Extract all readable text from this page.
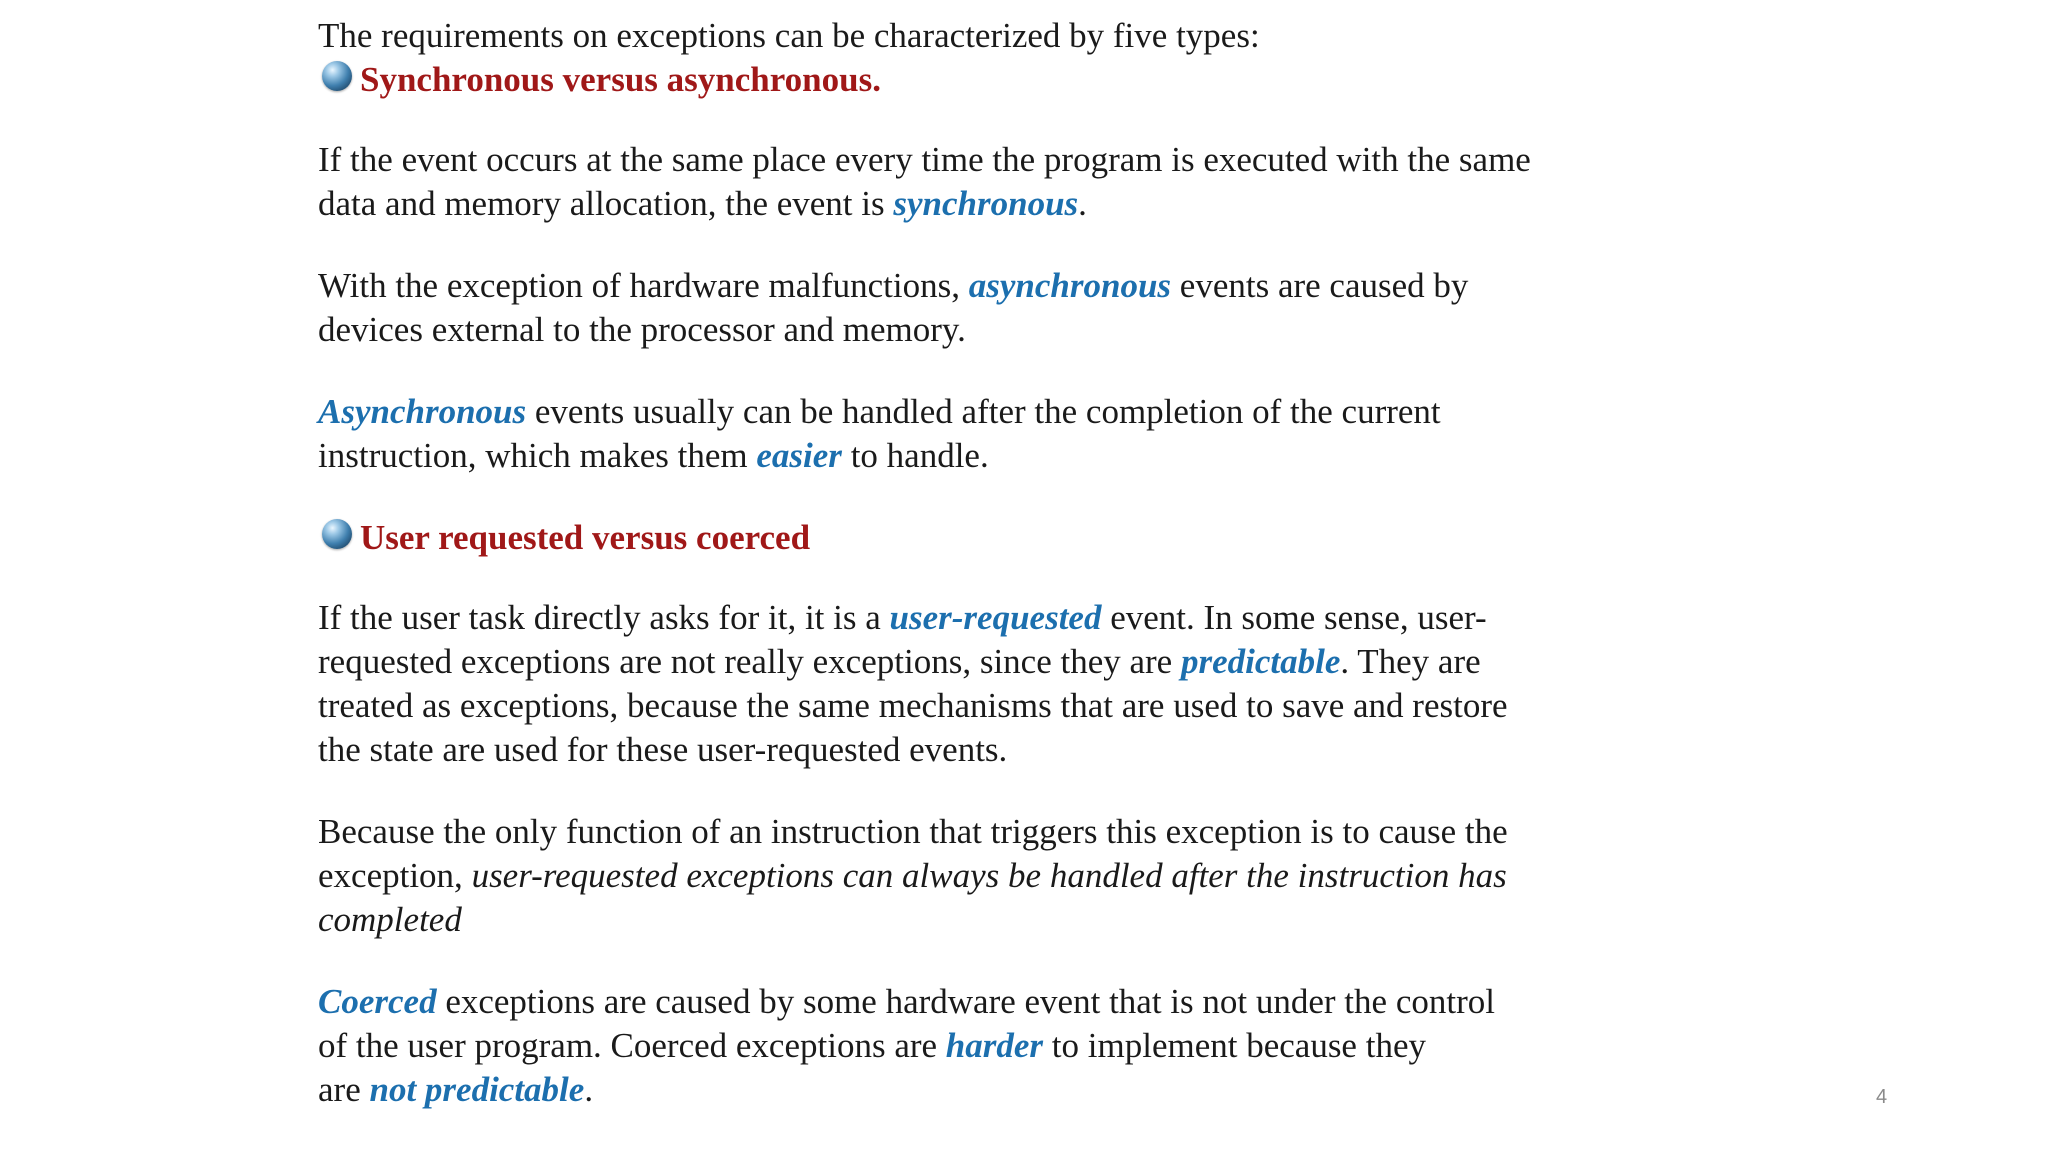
The requirements on exceptions can be characterized by five types:

Synchronous versus asynchronous.
If the event occurs at the same place every time the program is executed with the same
data and memory allocation, the event is synchronous.
With the exception of hardware malfunctions, asynchronous events are caused by
devices external to the processor and memory.
Asynchronous events usually can be handled after the completion of the current
instruction, which makes them easier to handle.
User requested versus coerced
If the user task directly asks for it, it is a user-requested event. In some sense, user-
requested exceptions are not really exceptions, since they are predictable. They are
treated as exceptions, because the same mechanisms that are used to save and restore
the state are used for these user-requested events.
Because the only function of an instruction that triggers this exception is to cause the
exception, user-requested exceptions can always be handled after the instruction has
completed
Coerced exceptions are caused by some hardware event that is not under the control
of the user program. Coerced exceptions are harder to implement because they
are not predictable.	4
